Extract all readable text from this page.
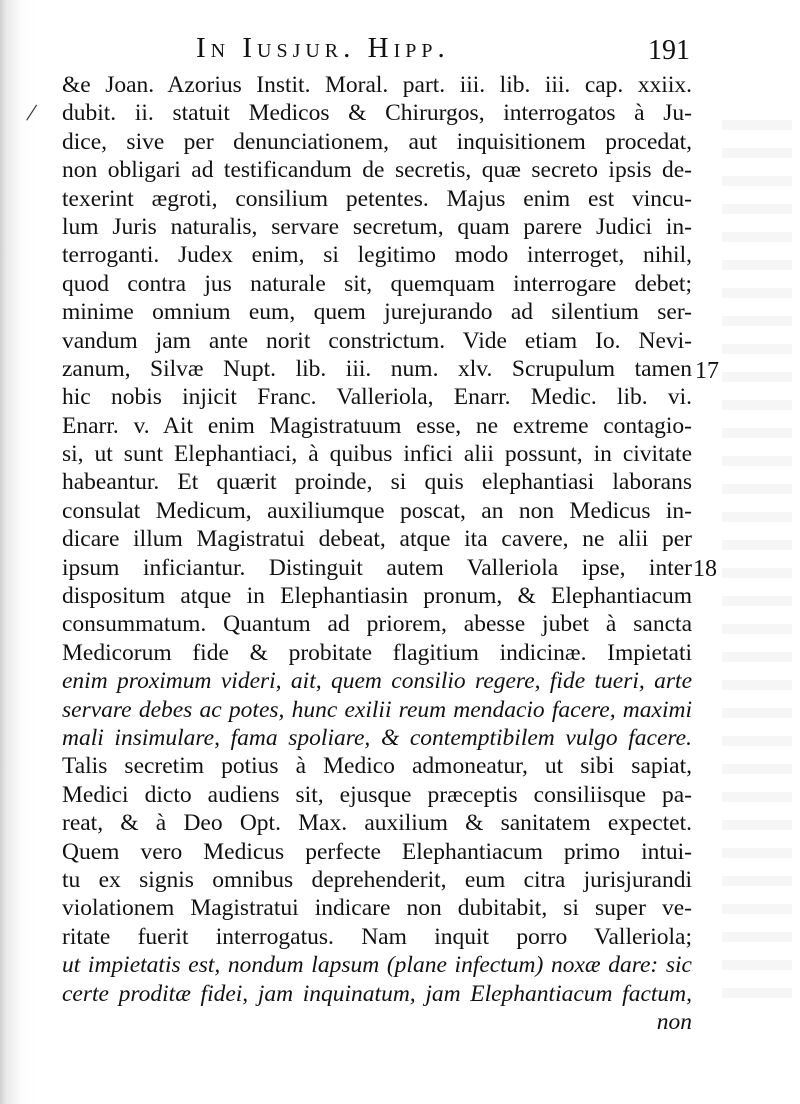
/
In Iusjur. Hipp.	191
&e Joan. Azorius Instit. Moral. part. iii. lib. iii. cap. xxiix.
dubit. ii. statuit Medicos & Chirurgos, interrogatos à Ju-
dice, sive per denunciationem, aut inquisitionem procedat,
non obligari ad testificandum de secretis, quæ secreto ipsis de-
texerint ægroti, consilium petentes. Majus enim est vincu-
lum Juris naturalis, servare secretum, quam parere Judici in-
terroganti. Judex enim, si legitimo modo interroget, nihil,
quod contra jus naturale sit, quemquam interrogare debet;
minime omnium eum, quem jurejurando ad silentium ser-
vandum jam ante norit constrictum. Vide etiam Io. Nevi-
zanum, Silvæ Nupt. lib. iii. num. xlv. Scrupulum tamen
hic nobis injicit Franc. Valleriola, Enarr. Medic. lib. vi.
Enarr. v. Ait enim Magistratuum esse, ne extreme contagio-
si, ut sunt Elephantiaci, à quibus infici alii possunt, in civitate
habeantur. Et quærit proinde, si quis elephantiasi laborans
consulat Medicum, auxiliumque poscat, an non Medicus in-
dicare illum Magistratui debeat, atque ita cavere, ne alii per
ipsum inficiantur. Distinguit autem Valleriola ipse, inter
dispositum atque in Elephantiasin pronum, & Elephantiacum
consummatum. Quantum ad priorem, abesse jubet à sancta
Medicorum fide & probitate flagitium indicinæ. Impietati
enim proximum videri, ait, quem consilio regere, fide tueri, arte
servare debes ac potes, hunc exilii reum mendacio facere, maximi
mali insimulare, fama spoliare, & contemptibilem vulgo facere.
Talis secretim potius à Medico admoneatur, ut sibi sapiat,
Medici dicto audiens sit, ejusque præceptis consiliisque pa-
reat, & à Deo Opt. Max. auxilium & sanitatem expectet.
Quem vero Medicus perfecte Elephantiacum primo intui-
tu ex signis omnibus deprehenderit, eum citra jurisjurandi
violationem Magistratui indicare non dubitabit, si super ve-
ritate fuerit interrogatus. Nam inquit porro Valleriola;
ut impietatis est, nondum lapsum (plane infectum) noxæ dare: sic
certe proditæ fidei, jam inquinatum, jam Elephantiacum factum,
non
17
18
